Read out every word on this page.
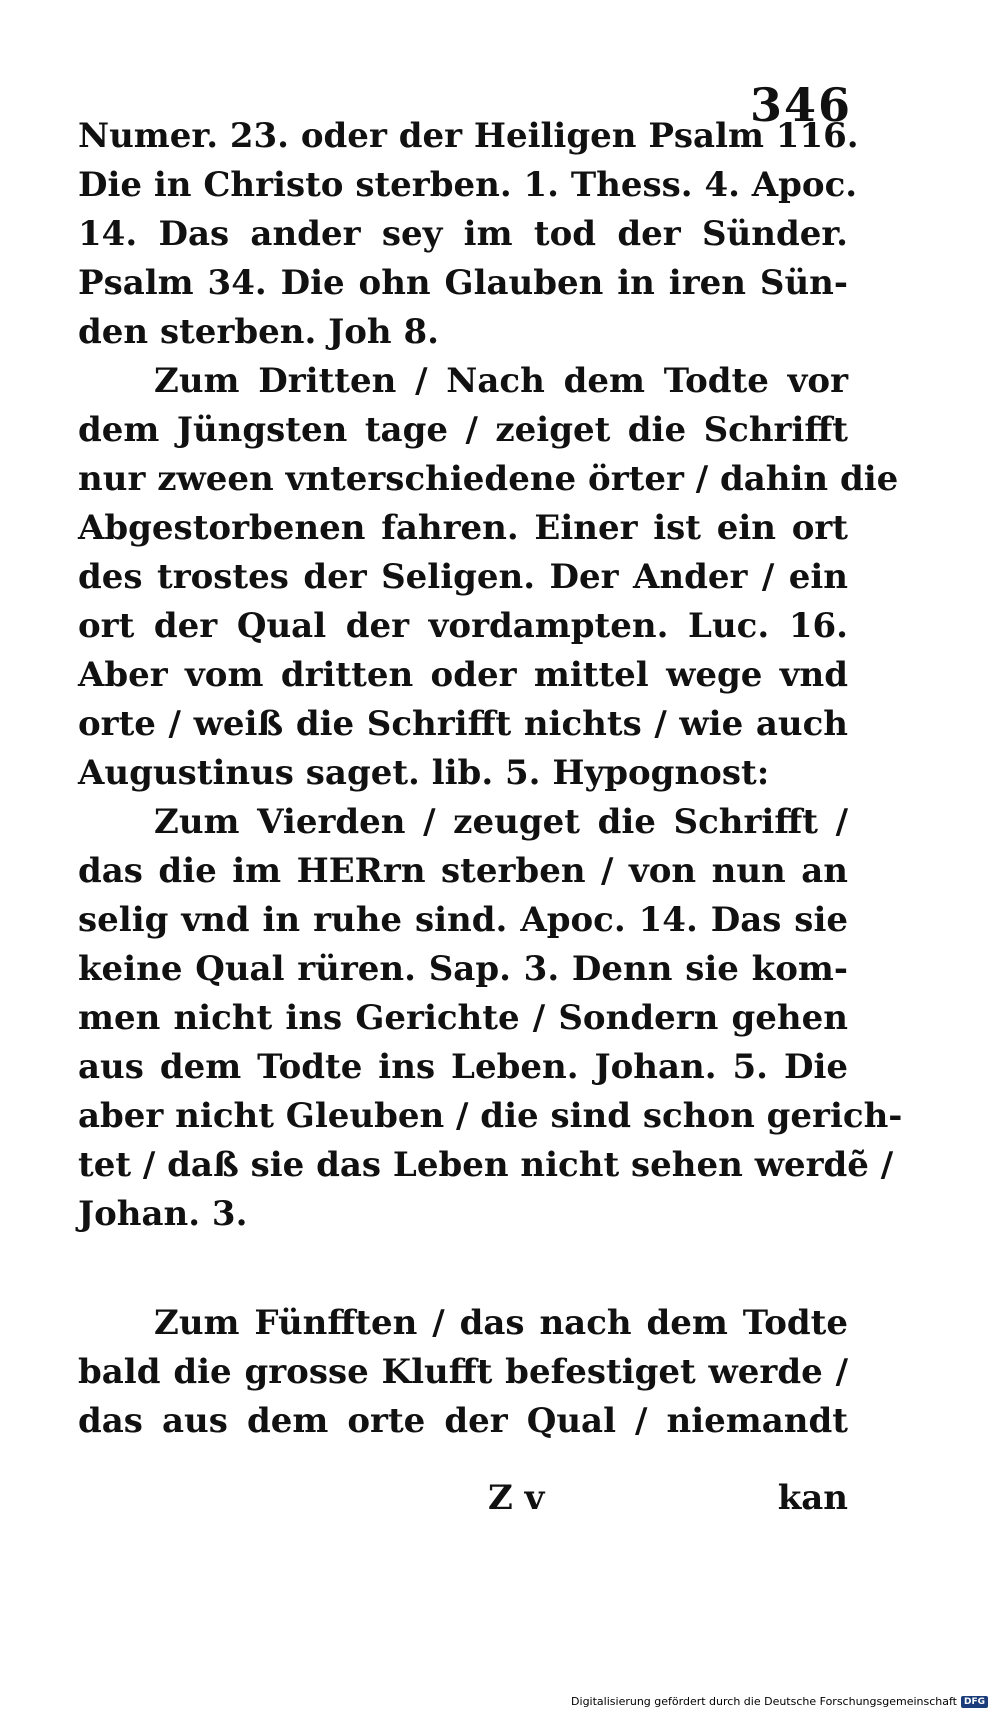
346
Numer. 23. oder der Heiligen Psalm 116.
Die in Christo sterben. 1. Thess. 4. Apoc.
14. Das ander sey im tod der Sünder.
Psalm 34. Die ohn Glauben in iren Sün-
den sterben. Joh 8.
Zum Dritten / Nach dem Todte vor
dem Jüngsten tage / zeiget die Schrifft
nur zween vnterschiedene örter / dahin die
Abgestorbenen fahren. Einer ist ein ort
des trostes der Seligen. Der Ander / ein
ort der Qual der vordampten. Luc. 16.
Aber vom dritten oder mittel wege vnd
orte / weiß die Schrifft nichts / wie auch
Augustinus saget. lib. 5. Hypognost:
Zum Vierden / zeuget die Schrifft /
das die im HERrn sterben / von nun an
selig vnd in ruhe sind. Apoc. 14. Das sie
keine Qual rüren. Sap. 3. Denn sie kom-
men nicht ins Gerichte / Sondern gehen
aus dem Todte ins Leben. Johan. 5. Die
aber nicht Gleuben / die sind schon gerich-
tet / daß sie das Leben nicht sehen werdẽ /
Johan. 3.
Zum Fünfften / das nach dem Todte
bald die grosse Klufft befestiget werde /
das aus dem orte der Qual / niemandt
Z v	kan
Digitalisierung gefördert durch die Deutsche Forschungsgemeinschaft DFG
